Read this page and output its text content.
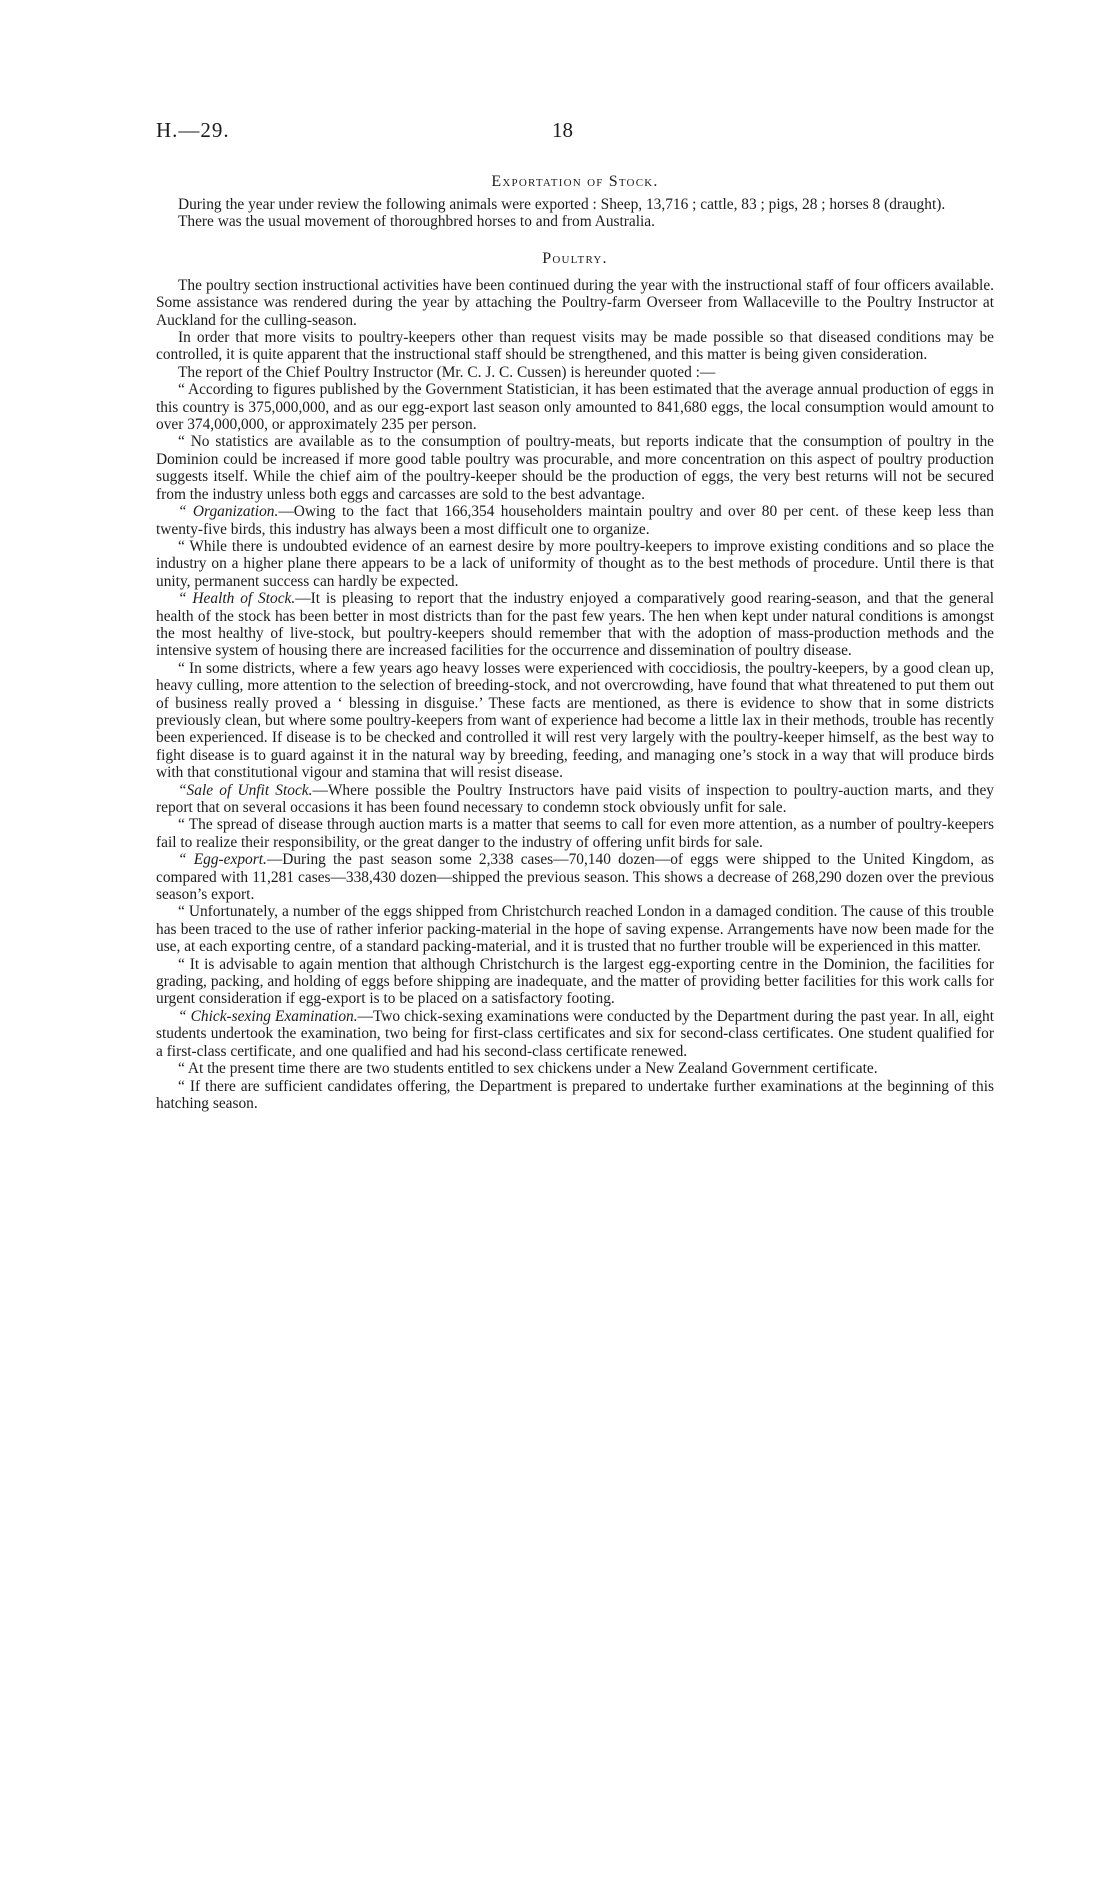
H.—29.	18
Exportation of Stock.

During the year under review the following animals were exported : Sheep, 13,716 ; cattle, 83 ; pigs, 28 ; horses 8 (draught).

There was the usual movement of thoroughbred horses to and from Australia.

Poultry.

The poultry section instructional activities have been continued during the year with the instructional staff of four officers available. Some assistance was rendered during the year by attaching the Poultry-farm Overseer from Wallaceville to the Poultry Instructor at Auckland for the culling-season.

In order that more visits to poultry-keepers other than request visits may be made possible so that diseased conditions may be controlled, it is quite apparent that the instructional staff should be strengthened, and this matter is being given consideration.

The report of the Chief Poultry Instructor (Mr. C. J. C. Cussen) is hereunder quoted :—

“ According to figures published by the Government Statistician, it has been estimated that the average annual production of eggs in this country is 375,000,000, and as our egg-export last season only amounted to 841,680 eggs, the local consumption would amount to over 374,000,000, or approximately 235 per person.

“ No statistics are available as to the consumption of poultry-meats, but reports indicate that the consumption of poultry in the Dominion could be increased if more good table poultry was procurable, and more concentration on this aspect of poultry production suggests itself. While the chief aim of the poultry-keeper should be the production of eggs, the very best returns will not be secured from the industry unless both eggs and carcasses are sold to the best advantage.

“ Organization.—Owing to the fact that 166,354 householders maintain poultry and over 80 per cent. of these keep less than twenty-five birds, this industry has always been a most difficult one to organize.

“ While there is undoubted evidence of an earnest desire by more poultry-keepers to improve existing conditions and so place the industry on a higher plane there appears to be a lack of uniformity of thought as to the best methods of procedure. Until there is that unity, permanent success can hardly be expected.

“ Health of Stock.—It is pleasing to report that the industry enjoyed a comparatively good rearing-season, and that the general health of the stock has been better in most districts than for the past few years. The hen when kept under natural conditions is amongst the most healthy of live-stock, but poultry-keepers should remember that with the adoption of mass-production methods and the intensive system of housing there are increased facilities for the occurrence and dissemination of poultry disease.

“ In some districts, where a few years ago heavy losses were experienced with coccidiosis, the poultry-keepers, by a good clean up, heavy culling, more attention to the selection of breeding-stock, and not overcrowding, have found that what threatened to put them out of business really proved a ‘ blessing in disguise.’ These facts are mentioned, as there is evidence to show that in some districts previously clean, but where some poultry-keepers from want of experience had become a little lax in their methods, trouble has recently been experienced. If disease is to be checked and controlled it will rest very largely with the poultry-keeper himself, as the best way to fight disease is to guard against it in the natural way by breeding, feeding, and managing one’s stock in a way that will produce birds with that constitutional vigour and stamina that will resist disease.

“Sale of Unfit Stock.—Where possible the Poultry Instructors have paid visits of inspection to poultry-auction marts, and they report that on several occasions it has been found necessary to condemn stock obviously unfit for sale.

“ The spread of disease through auction marts is a matter that seems to call for even more attention, as a number of poultry-keepers fail to realize their responsibility, or the great danger to the industry of offering unfit birds for sale.

“ Egg-export.—During the past season some 2,338 cases—70,140 dozen—of eggs were shipped to the United Kingdom, as compared with 11,281 cases—338,430 dozen—shipped the previous season. This shows a decrease of 268,290 dozen over the previous season’s export.

“ Unfortunately, a number of the eggs shipped from Christchurch reached London in a damaged condition. The cause of this trouble has been traced to the use of rather inferior packing-material in the hope of saving expense. Arrangements have now been made for the use, at each exporting centre, of a standard packing-material, and it is trusted that no further trouble will be experienced in this matter.

“ It is advisable to again mention that although Christchurch is the largest egg-exporting centre in the Dominion, the facilities for grading, packing, and holding of eggs before shipping are inadequate, and the matter of providing better facilities for this work calls for urgent consideration if egg-export is to be placed on a satisfactory footing.

“ Chick-sexing Examination.—Two chick-sexing examinations were conducted by the Department during the past year. In all, eight students undertook the examination, two being for first-class certificates and six for second-class certificates. One student qualified for a first-class certificate, and one qualified and had his second-class certificate renewed.

“ At the present time there are two students entitled to sex chickens under a New Zealand Government certificate.

“ If there are sufficient candidates offering, the Department is prepared to undertake further examinations at the beginning of this hatching season.
